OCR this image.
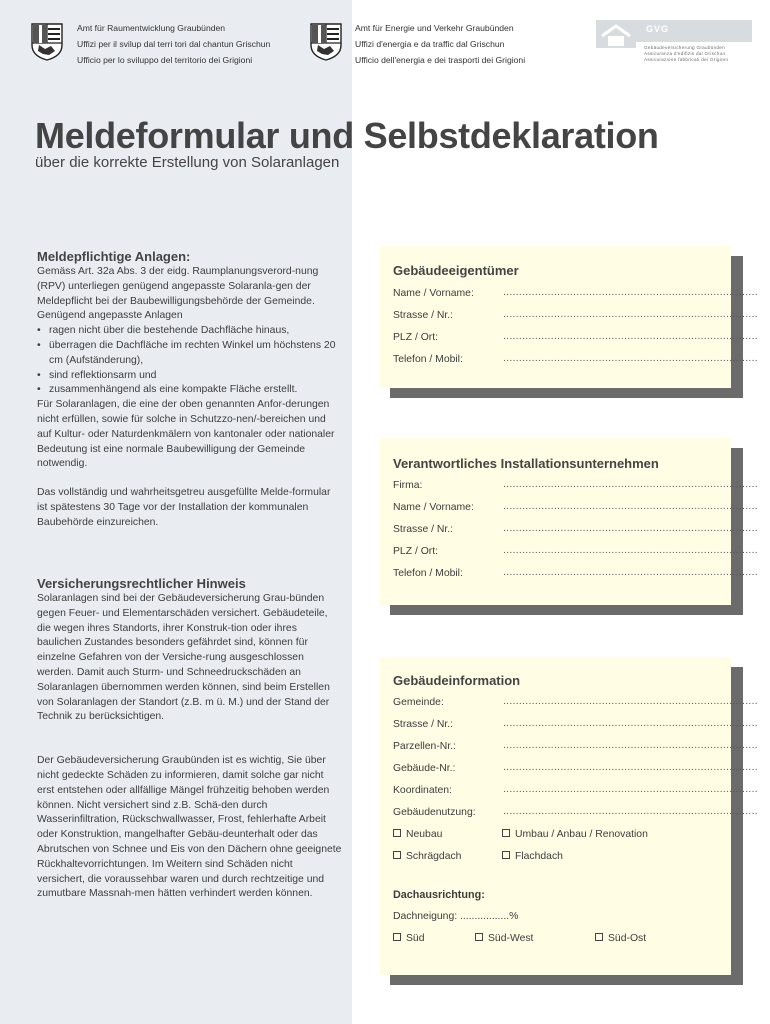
Amt für Raumentwicklung Graubünden
Uffizi per il svilup dal terri tori dal chantun Grischun
Ufficio per lo sviluppo del territorio dei Grigioni
Amt für Energie und Verkehr Graubünden
Uffizi d'energia e da traffic dal Grischun
Ufficio dell'energia e dei trasporti dei Grigioni
GVG
Gebäudeversicherung Graubünden
Assicuranza d'edifizis dal Grischun
Assicurazione fabbricati dei Grigioni
Meldeformular und Selbstdeklaration
über die korrekte Erstellung von Solaranlagen
Meldepflichtige Anlagen:

Gemäss Art. 32a Abs. 3 der eidg. Raumplanungsverord-nung (RPV) unterliegen genügend angepasste Solaranla-gen der Meldepflicht bei der Baubewilligungsbehörde der Gemeinde. Genügend angepasste Anlagen

• ragen nicht über die bestehende Dachfläche hinaus,
• überragen die Dachfläche im rechten Winkel um höchstens 20 cm (Aufständerung),
• sind reflektionsarm und
• zusammenhängend als eine kompakte Fläche erstellt.

Für Solaranlagen, die eine der oben genannten Anfor-derungen nicht erfüllen, sowie für solche in Schutzzo-nen/-bereichen und auf Kultur- oder Naturdenkmälern von kantonaler oder nationaler Bedeutung ist eine normale Baubewilligung der Gemeinde notwendig.

Das vollständig und wahrheitsgetreu ausgefüllte Melde-formular ist spätestens 30 Tage vor der Installation der kommunalen Baubehörde einzureichen.

Versicherungsrechtlicher Hinweis

Solaranlagen sind bei der Gebäudeversicherung Grau-bünden gegen Feuer- und Elementarschäden versichert. Gebäudeteile, die wegen ihres Standorts, ihrer Konstruk-tion oder ihres baulichen Zustandes besonders gefährdet sind, können für einzelne Gefahren von der Versiche-rung ausgeschlossen werden. Damit auch Sturm- und Schneedruckschäden an Solaranlagen übernommen werden können, sind beim Erstellen von Solaranlagen der Standort (z.B. m ü. M.) und der Stand der Technik zu berücksichtigen.

Der Gebäudeversicherung Graubünden ist es wichtig, Sie über nicht gedeckte Schäden zu informieren, damit solche gar nicht erst entstehen oder allfällige Mängel frühzeitig behoben werden können. Nicht versichert sind z.B. Schä-den durch Wasserinfiltration, Rückschwallwasser, Frost, fehlerhafte Arbeit oder Konstruktion, mangelhafter Gebäu-deunterhalt oder das Abrutschen von Schnee und Eis von den Dächern ohne geeignete Rückhaltevorrichtungen. Im Weitern sind Schäden nicht versichert, die voraussehbar waren und durch rechtzeitige und zumutbare Massnah-men hätten verhindert werden können.

Gebäudeeigentümer
Name / Vorname:	................................................................................
Strasse / Nr.:	................................................................................
PLZ / Ort:	................................................................................
Telefon / Mobil:	................................................................................
Verantwortliches Installationsunternehmen
Firma:	................................................................................
Name / Vorname:	................................................................................
Strasse / Nr.:	................................................................................
PLZ / Ort:	................................................................................
Telefon / Mobil:	................................................................................
Gebäudeinformation
Gemeinde:	................................................................................
Strasse / Nr.:	................................................................................
Parzellen-Nr.:	................................................................................
Gebäude-Nr.:	................................................................................
Koordinaten:	................................................................................
Gebäudenutzung:	................................................................................
Neubau	Umbau / Anbau / Renovation
Schrägdach	Flachdach
Dachausrichtung:
Dachneigung: .................%
Süd	Süd-West	Süd-Ost
